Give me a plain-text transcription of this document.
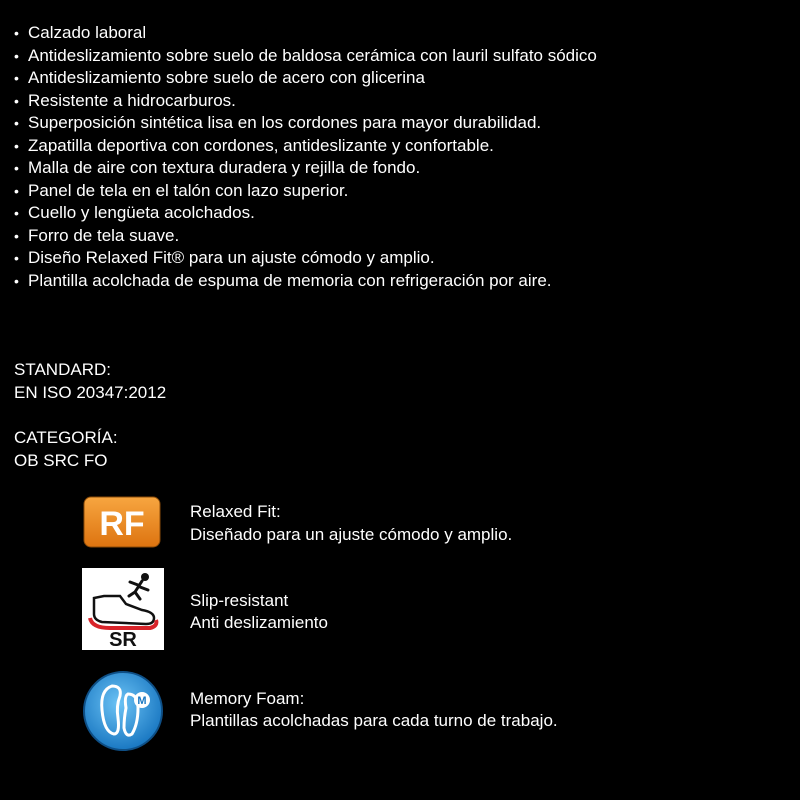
• Calzado laboral
• Antideslizamiento sobre suelo de baldosa cerámica con lauril sulfato sódico
• Antideslizamiento sobre suelo de acero con glicerina
• Resistente a hidrocarburos.
• Superposición sintética lisa en los cordones para mayor durabilidad.
• Zapatilla deportiva con cordones, antideslizante y confortable.
• Malla de aire con textura duradera y rejilla de fondo.
• Panel de tela en el talón con lazo superior.
• Cuello y lengüeta acolchados.
• Forro de tela suave.
• Diseño Relaxed Fit® para un ajuste cómodo y amplio.
• Plantilla acolchada de espuma de memoria con refrigeración por aire.
STANDARD:
EN ISO 20347:2012
CATEGORÍA:
OB SRC FO
RF	Relaxed Fit:
Diseñado para un ajuste cómodo y amplio.
SR
Slip-resistant
Anti deslizamiento
M	Memory Foam:
Plantillas acolchadas para cada turno de trabajo.
